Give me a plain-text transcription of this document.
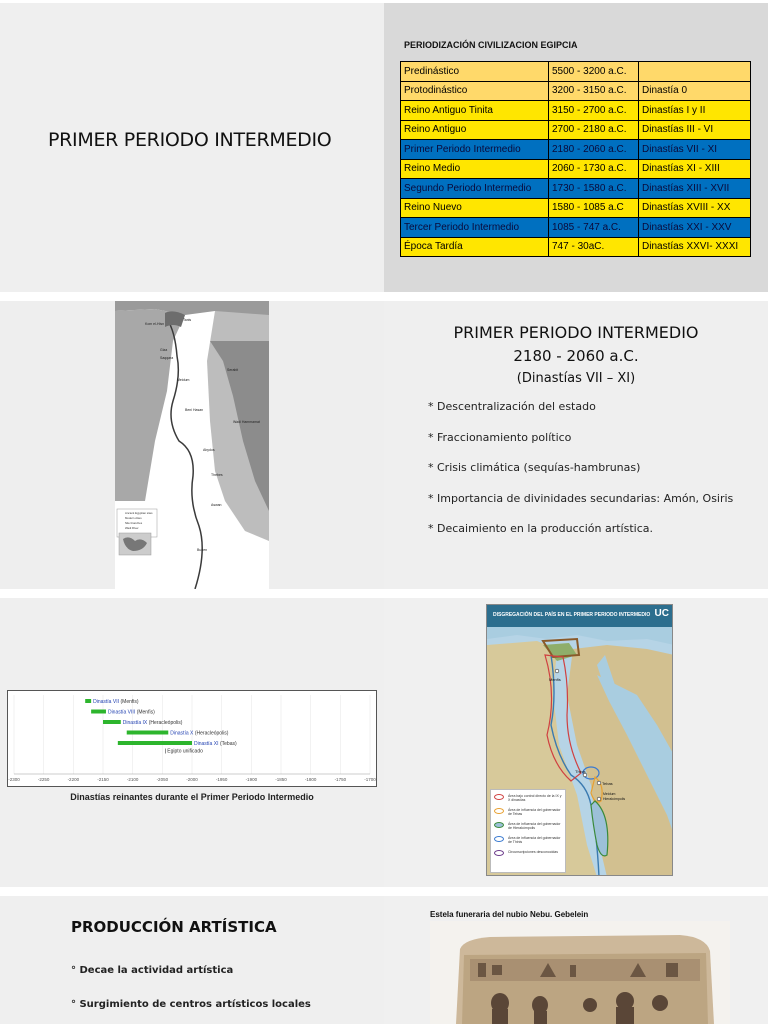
PRIMER PERIODO INTERMEDIO
PERIODIZACIÓN CIVILIZACION EGIPCIA
Predinástico	5500 - 3200 a.C.	
Protodinástico	3200 - 3150 a.C.	Dinastía 0
Reino Antiguo Tinita	3150 - 2700 a.C.	Dinastías I y II
Reino Antiguo	2700 - 2180 a.C.	Dinastías III - VI
Primer Periodo Intermedio	2180 - 2060 a.C.	Dinastías VII - XI
Reino Medio	2060 - 1730 a.C.	Dinastías XI - XIII
Segundo Periodo Intermedio	1730 - 1580 a.C.	Dinastías XIII - XVII
Reino Nuevo	1580 - 1085 a.C	Dinastías XVIII - XX
Tercer Periodo Intermedio	1085 - 747 a.C.	Dinastías XXI - XXV
Época Tardía	747 - 30aC.	Dinastías XXVI- XXXI
Kom el-Hisn
Tanis
Giza
Saqqara
Meidum
Beni Hasan
Abydos
Thebes
Aswan
Buhen
Serabit
Wadi Hammamat
Ancient Egyptian sites
Modern cities
Nile branches
Wadi River
PRIMER PERIODO INTERMEDIO
2180 - 2060 a.C.
(Dinastías VII – XI)
* Descentralización del estado
* Fraccionamiento político
* Crisis climática (sequías-hambrunas)
* Importancia de divinidades secundarias: Amón, Osiris
* Decaimiento en la producción artística.
-2300	-2250	-2200	-2150	-2100	-2050	-2000	-1950	-1900	-1850	-1800	-1750	-1700
Dinastía VII (Menfis)
Dinastía VIII (Menfis)
Dinastía IX (Heracleópolis)
Dinastía X (Heracleópolis)
Dinastía XI (Tebas)
Egipto unificado
Dinastías reinantes durante el Primer Periodo Intermedio
DISGREGACIÓN DEL PAÍS EN EL PRIMER PERIODO INTERMEDIO UC
Menfis
Thinis
Tebas
Meidum
Hierakómpolis
Área bajo control directo de la IX y X dinastías
Área de influencia del gobernador de Tebas
Área de influencia del gobernador de Hierakómpolis
Área de influencia del gobernador de Thinis
Circunscripciones desconocidas
PRODUCCIÓN ARTÍSTICA
° Decae la actividad artística
° Surgimiento de centros artísticos locales
Estela funeraria del nubio Nebu. Gebelein
